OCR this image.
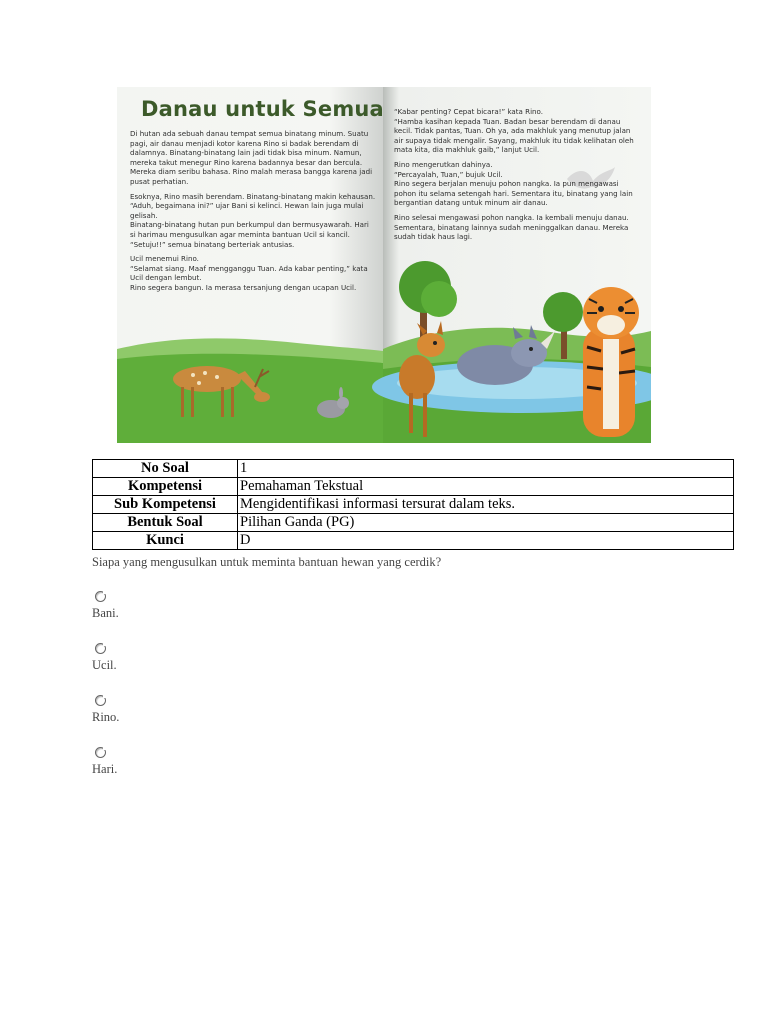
Danau untuk Semua

Di hutan ada sebuah danau tempat semua binatang minum. Suatu pagi, air danau menjadi kotor karena Rino si badak berendam di dalamnya. Binatang-binatang lain jadi tidak bisa minum. Namun, mereka takut menegur Rino karena badannya besar dan bercula. Mereka diam seribu bahasa. Rino malah merasa bangga karena jadi pusat perhatian.

Esoknya, Rino masih berendam. Binatang-binatang makin kehausan.
“Aduh, begaimana ini?” ujar Bani si kelinci. Hewan lain juga mulai gelisah.
Binatang-binatang hutan pun berkumpul dan bermusyawarah. Hari si harimau mengusulkan agar meminta bantuan Ucil si kancil.
“Setuju!!” semua binatang berteriak antusias.

Ucil menemui Rino.
“Selamat siang. Maaf mengganggu Tuan. Ada kabar penting,” kata Ucil dengan lembut.
Rino segera bangun. Ia merasa tersanjung dengan ucapan Ucil.

“Kabar penting? Cepat bicara!” kata Rino.
“Hamba kasihan kepada Tuan. Badan besar berendam di danau kecil. Tidak pantas, Tuan. Oh ya, ada makhluk yang menutup jalan air supaya tidak mengalir. Sayang, makhluk itu tidak kelihatan oleh mata kita, dia makhluk gaib,” lanjut Ucil.

Rino mengerutkan dahinya.
“Percayalah, Tuan,” bujuk Ucil.
Rino segera berjalan menuju pohon nangka. Ia pun mengawasi pohon itu selama setengah hari. Sementara itu, binatang yang lain bergantian datang untuk minum air danau.

Rino selesai mengawasi pohon nangka. Ia kembali menuju danau. Sementara, binatang lainnya sudah meninggalkan danau. Mereka sudah tidak haus lagi.

No Soal	1
Kompetensi	Pemahaman Tekstual
Sub Kompetensi	Mengidentifikasi informasi tersurat dalam teks.
Bentuk Soal	Pilihan Ganda (PG)
Kunci	D
Siapa yang mengusulkan untuk meminta bantuan hewan yang cerdik?
Bani.
Ucil.
Rino.
Hari.
